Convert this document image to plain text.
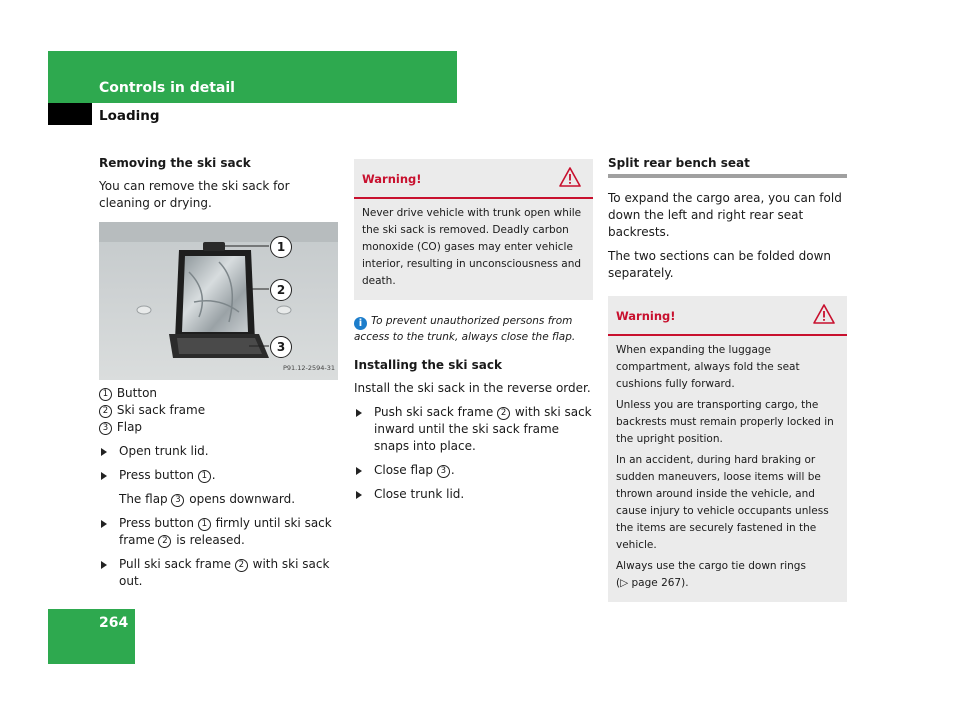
Controls in detail
Loading
Removing the ski sack

You can remove the ski sack for cleaning or drying.

1
2
3
P91.12-2594-31

1 Button

2 Ski sack frame

3 Flap

Open trunk lid.

Press button 1 .

The flap 3 opens downward.

Press button 1 firmly until ski sack frame 2 is released.

Pull ski sack frame 2 with ski sack out.

Warning!

Never drive vehicle with trunk open while the ski sack is removed. Deadly carbon monoxide (CO) gases may enter vehicle interior, resulting in unconsciousness and death.

i To prevent unauthorized persons from access to the trunk, always close the flap.

Installing the ski sack

Install the ski sack in the reverse order.

Push ski sack frame 2 with ski sack inward until the ski sack frame snaps into place.

Close flap 3 .

Close trunk lid.

Split rear bench seat

To expand the cargo area, you can fold down the left and right rear seat backrests.

The two sections can be folded down separately.

Warning!

When expanding the luggage compartment, always fold the seat cushions fully forward.

Unless you are transporting cargo, the backrests must remain properly locked in the upright position.

In an accident, during hard braking or sudden maneuvers, loose items will be thrown around inside the vehicle, and cause injury to vehicle occupants unless the items are securely fastened in the vehicle.

Always use the cargo tie down rings
(▷ page 267).

264
